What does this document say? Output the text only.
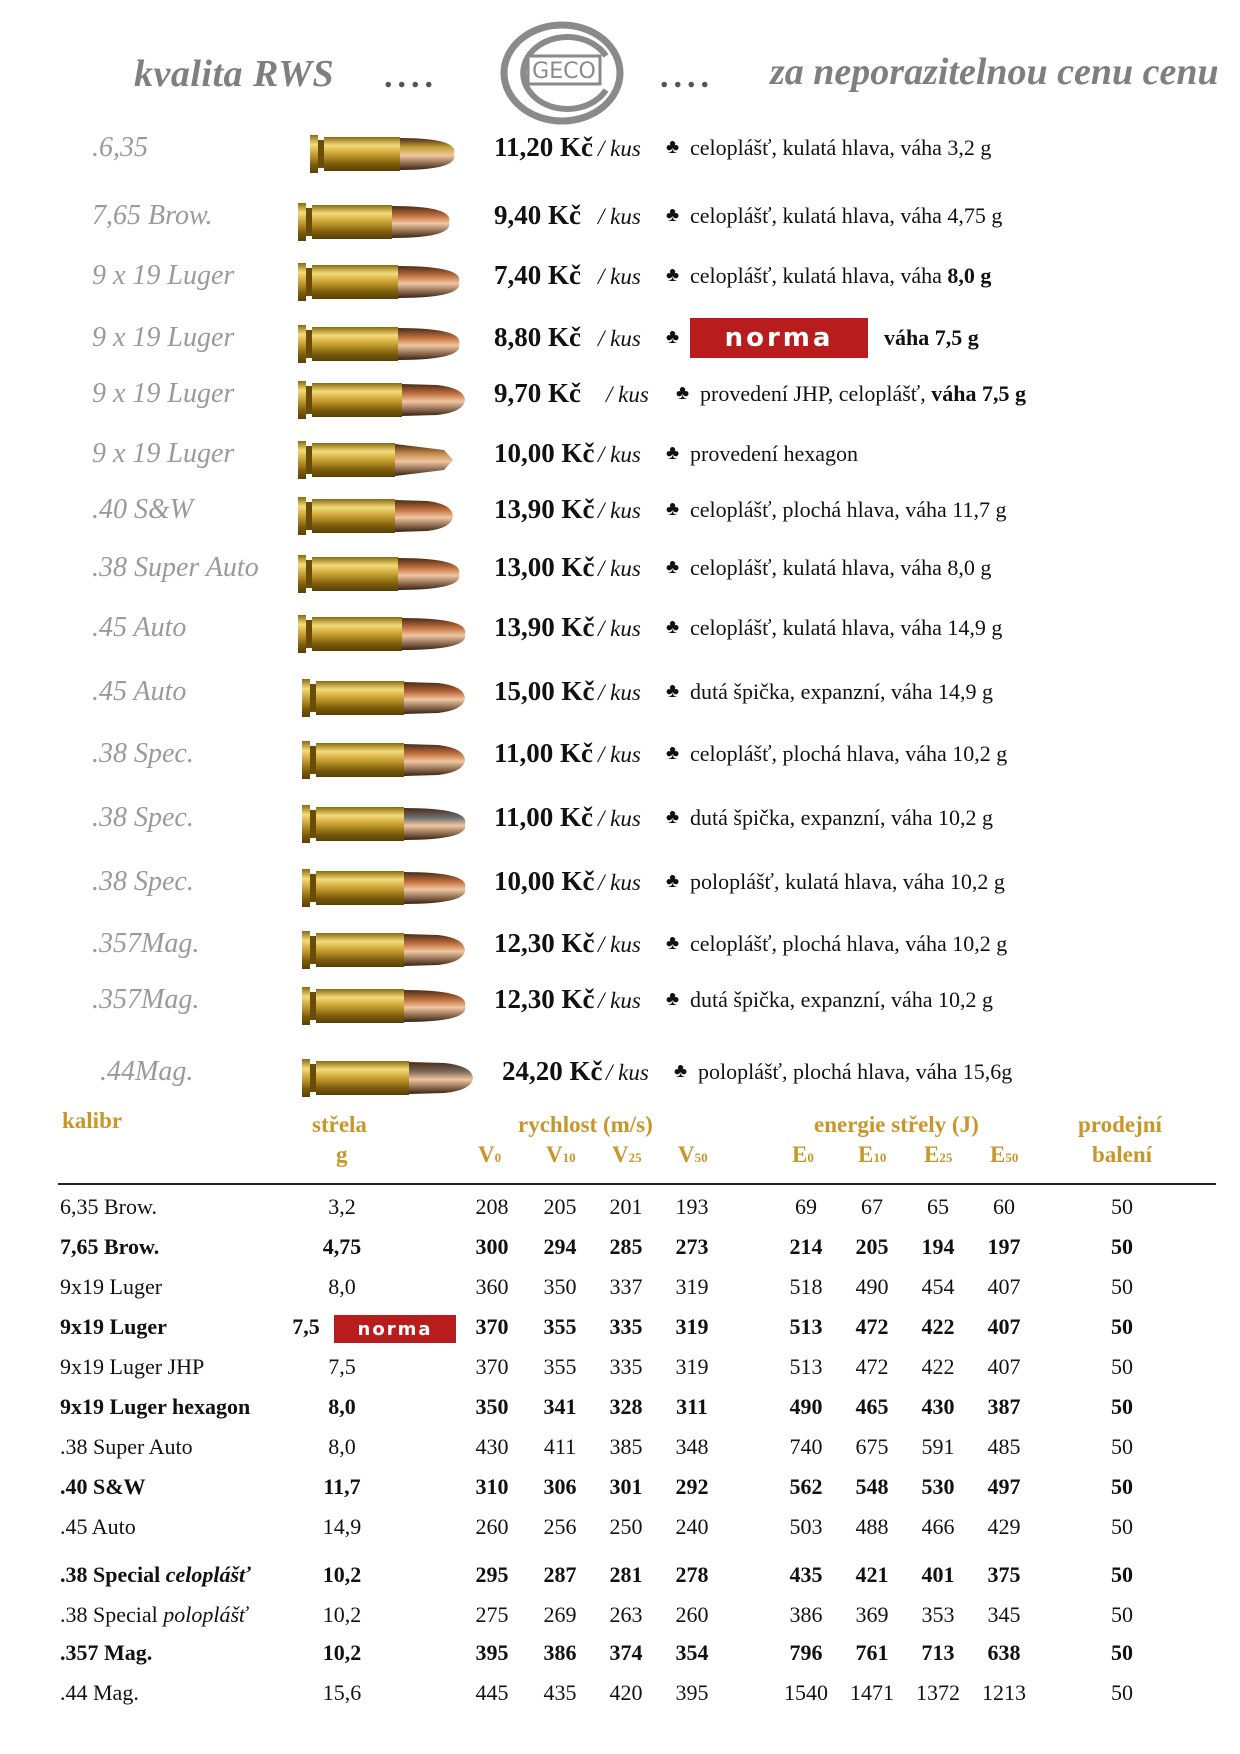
kvalita RWS ....	GECO .... za neporazitelnou cenu cenu
.6,35	11,20 Kč / kus ♣ celoplášť, kulatá hlava, váha 3,2 g
7,65 Brow.	9,40 Kč / kus ♣ celoplášť, kulatá hlava, váha 4,75 g
9 x 19 Luger	7,40 Kč / kus ♣ celoplášť, kulatá hlava, váha 8,0 g
9 x 19 Luger	8,80 Kč / kus ♣ norma váha 7,5 g
9 x 19 Luger	9,70 Kč / kus ♣ provedení JHP, celoplášť, váha 7,5 g
9 x 19 Luger	10,00 Kč / kus ♣ provedení hexagon
.40 S&W	13,90 Kč / kus ♣ celoplášť, plochá hlava, váha 11,7 g
.38 Super Auto	13,00 Kč / kus ♣ celoplášť, kulatá hlava, váha 8,0 g
.45 Auto	13,90 Kč / kus ♣ celoplášť, kulatá hlava, váha 14,9 g
.45 Auto	15,00 Kč / kus ♣ dutá špička, expanzní, váha 14,9 g
.38 Spec.	11,00 Kč / kus ♣ celoplášť, plochá hlava, váha 10,2 g
.38 Spec.	11,00 Kč / kus ♣ dutá špička, expanzní, váha 10,2 g
.38 Spec.	10,00 Kč / kus ♣ poloplášť, kulatá hlava, váha 10,2 g
.357Mag.	12,30 Kč / kus ♣ celoplášť, plochá hlava, váha 10,2 g
.357Mag.	12,30 Kč / kus ♣ dutá špička, expanzní, váha 10,2 g
.44Mag.	24,20 Kč / kus ♣ poloplášť, plochá hlava, váha 15,6g
kalibr	střela
g
rychlost (m/s)	energie střely (J)	prodejní
balení
V0 V10 V25 V50	E0 E10 E25 E50
6,35 Brow.	3,2	208	205	201	193	69	67	65	60	50
7,65 Brow.	4,75	300	294	285	273	214	205	194	197	50
9x19 Luger	8,0	360	350	337	319	518	490	454	407	50
9x19 Luger	7,5	norma	370	355	335	319	513	472	422	407	50
9x19 Luger JHP	7,5	370	355	335	319	513	472	422	407	50
9x19 Luger hexagon	8,0	350	341	328	311	490	465	430	387	50
.38 Super Auto	8,0	430	411	385	348	740	675	591	485	50
.40 S&W	11,7	310	306	301	292	562	548	530	497	50
.45 Auto	14,9	260	256	250	240	503	488	466	429	50
.38 Special celoplášť	10,2	295	287	281	278	435	421	401	375	50
.38 Special poloplášť	10,2	275	269	263	260	386	369	353	345	50
.357 Mag.	10,2	395	386	374	354	796	761	713	638	50
.44 Mag.	15,6	445	435	420	395	1540	1471	1372	1213	50
